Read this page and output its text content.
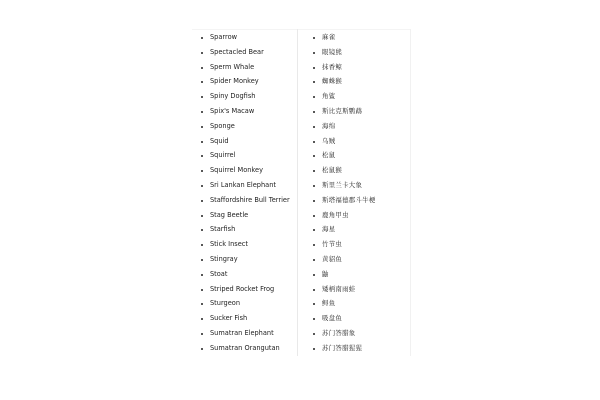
Sparrow
Spectacled Bear
Sperm Whale
Spider Monkey
Spiny Dogfish
Spix's Macaw
Sponge
Squid
Squirrel
Squirrel Monkey
Sri Lankan Elephant
Staffordshire Bull Terrier
Stag Beetle
Starfish
Stick Insect
Stingray
Stoat
Striped Rocket Frog
Sturgeon
Sucker Fish
Sumatran Elephant
Sumatran Orangutan
麻雀
眼镜熊
抹香鲸
蜘蛛猴
角鲨
斯比克斯鹦鹉
海绵
乌贼
松鼠
松鼠猴
斯里兰卡大象
斯塔福德郡斗牛梗
鹿角甲虫
海星
竹节虫
黄貂鱼
鼬
矮柄南雨蛙
鲟鱼
吸盘鱼
苏门答腊象
苏门答腊猩猩
